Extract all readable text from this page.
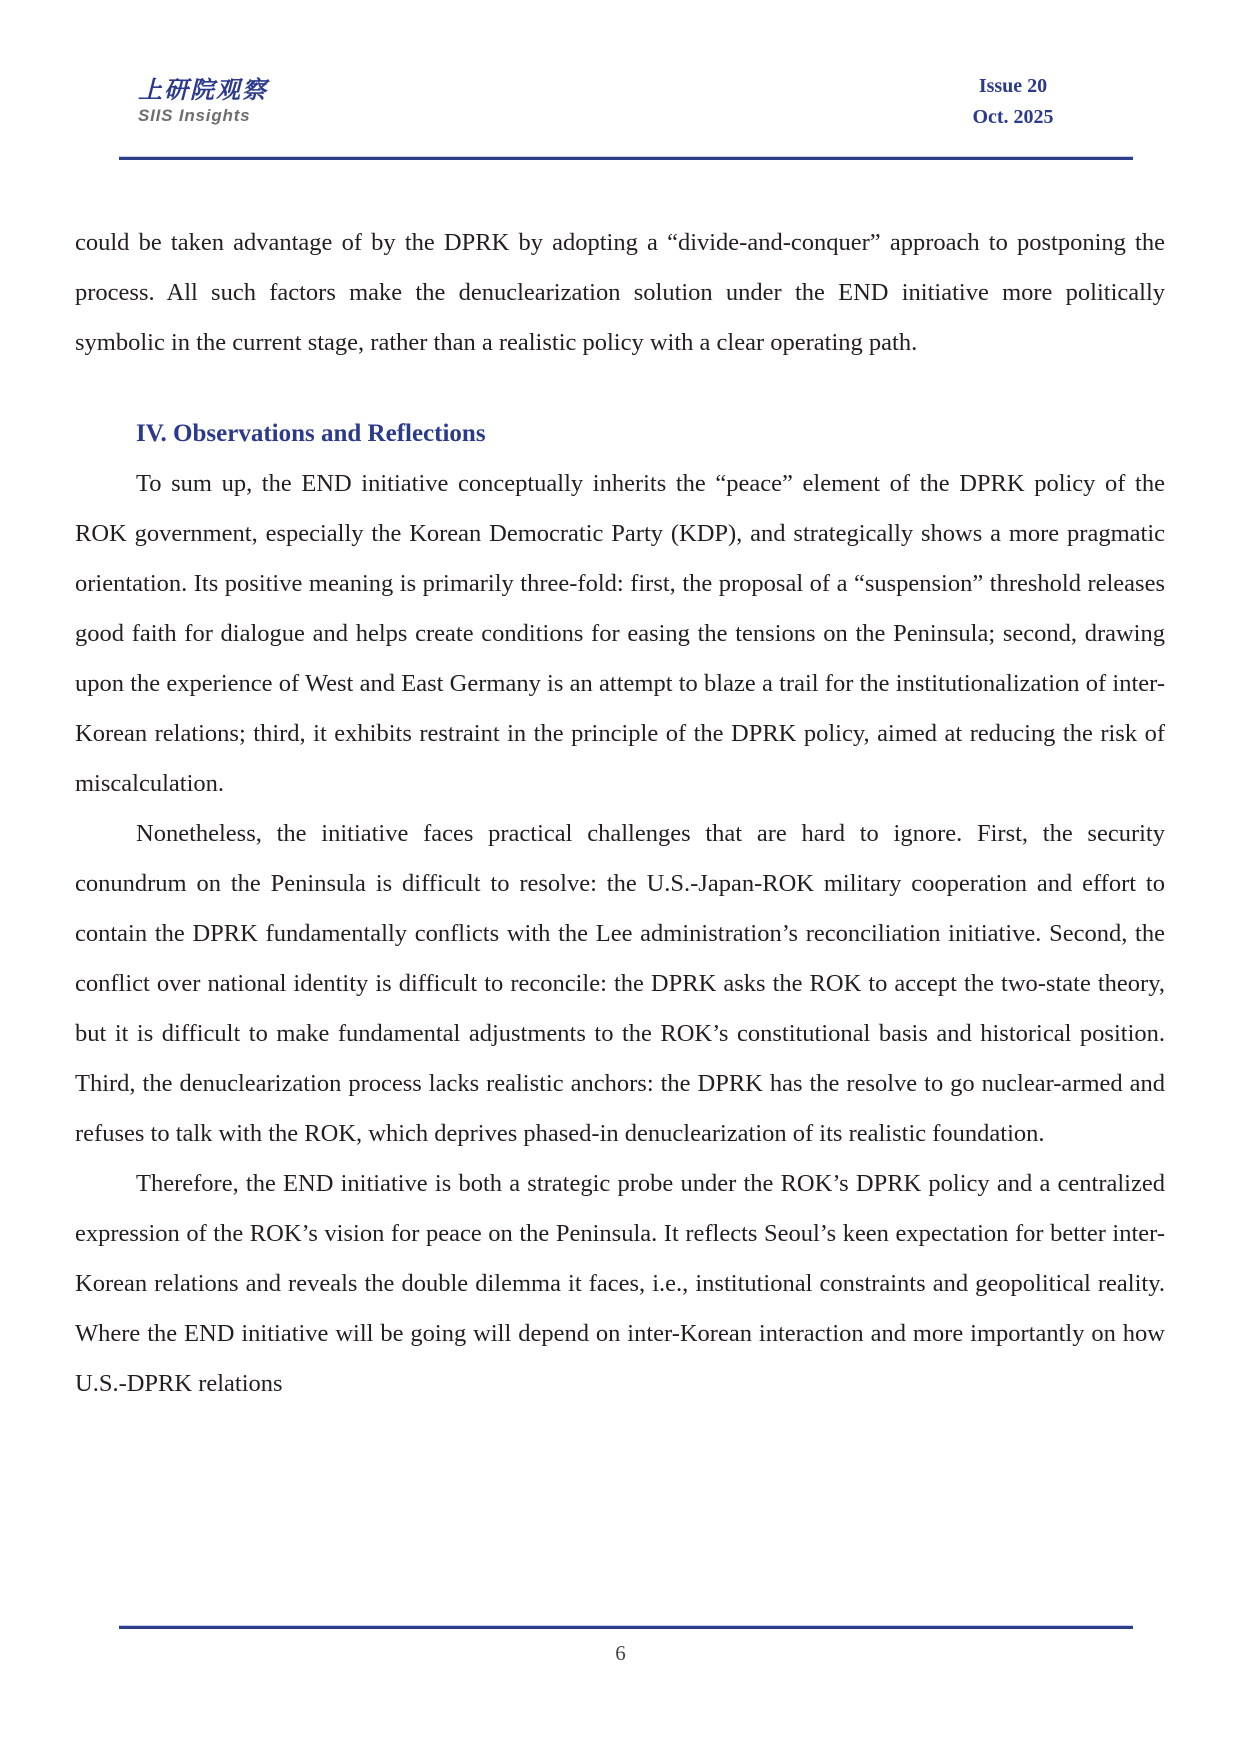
上研院观察
SIIS Insights
Issue 20
Oct. 2025

could be taken advantage of by the DPRK by adopting a “divide-and-conquer” approach to postponing the process. All such factors make the denuclearization solution under the END initiative more politically symbolic in the current stage, rather than a realistic policy with a clear operating path.

IV. Observations and Reflections

To sum up, the END initiative conceptually inherits the “peace” element of the DPRK policy of the ROK government, especially the Korean Democratic Party (KDP), and strategically shows a more pragmatic orientation. Its positive meaning is primarily three-fold: first, the proposal of a “suspension” threshold releases good faith for dialogue and helps create conditions for easing the tensions on the Peninsula; second, drawing upon the experience of West and East Germany is an attempt to blaze a trail for the institutionalization of inter-Korean relations; third, it exhibits restraint in the principle of the DPRK policy, aimed at reducing the risk of miscalculation.

Nonetheless, the initiative faces practical challenges that are hard to ignore. First, the security conundrum on the Peninsula is difficult to resolve: the U.S.-Japan-ROK military cooperation and effort to contain the DPRK fundamentally conflicts with the Lee administration’s reconciliation initiative. Second, the conflict over national identity is difficult to reconcile: the DPRK asks the ROK to accept the two-state theory, but it is difficult to make fundamental adjustments to the ROK’s constitutional basis and historical position. Third, the denuclearization process lacks realistic anchors: the DPRK has the resolve to go nuclear-armed and refuses to talk with the ROK, which deprives phased-in denuclearization of its realistic foundation.

Therefore, the END initiative is both a strategic probe under the ROK’s DPRK policy and a centralized expression of the ROK’s vision for peace on the Peninsula. It reflects Seoul’s keen expectation for better inter-Korean relations and reveals the double dilemma it faces, i.e., institutional constraints and geopolitical reality. Where the END initiative will be going will depend on inter-Korean interaction and more importantly on how U.S.-DPRK relations

6
